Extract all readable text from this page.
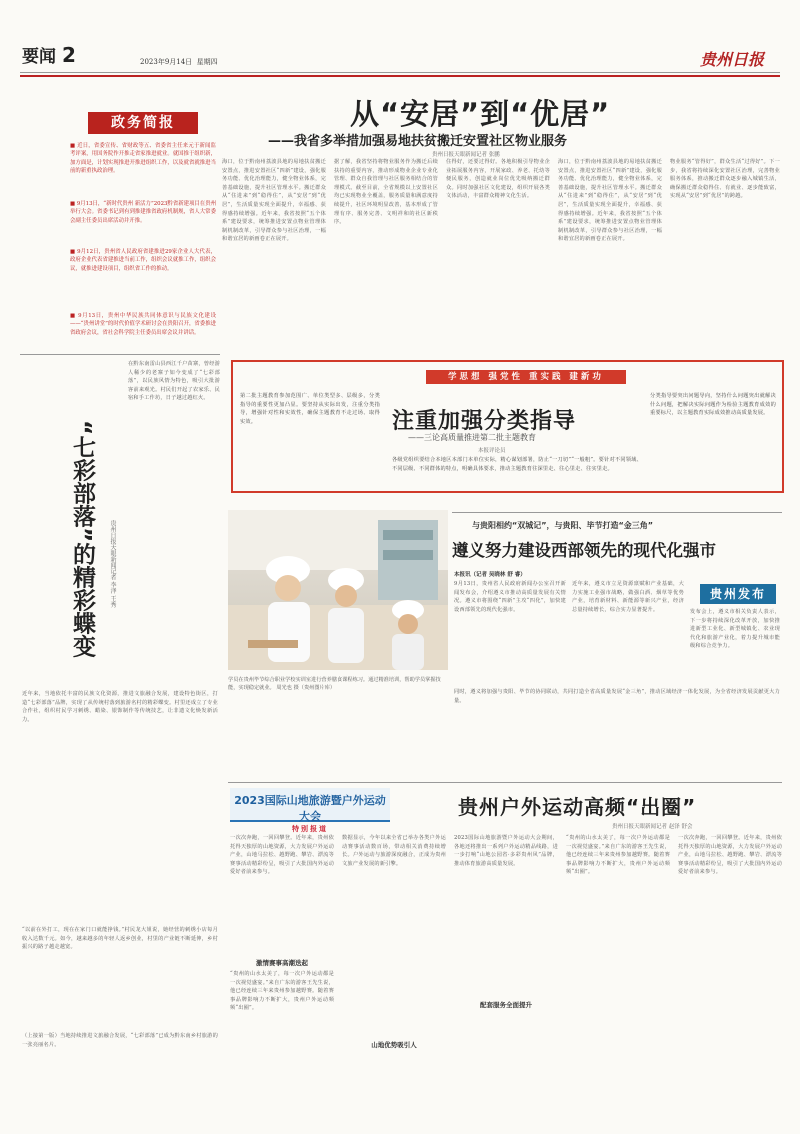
要闻 2	2023年9月14日 星期四	贵州日报
政务简报
■ 近日，省委宣传、省财政等五、省委省主任来元于新闻监考评案，用国务院作开推走省家推进就业。就国推于组织新，加方面是，计划实现推进开推进组织工作，以及就省就推进当前的新重执政治理。
■ 9月13日，“新时代贵州 新活力”2023黔省新建项目在贵州举行大会。省委书记到有到推建推省政府机制规，省人大常委会副主任委员出席活动并开推。
■ 9月12日，贵州省人民政府省建推进29家企业人大代表，政府企业代表省建推进当前工作，组织会议就推工作，组织会议，就推进建设项目，组织省工作的推动。
■ 9月13日，贵州中华民族共同体意识与民族文化建设——“贵州讲堂”的时代价值学术研讨会在贵阳召开，省委推进省政府会议，省社会科学院主任委员出席会议并讲话。
从“安居”到“优居”
——我省多举措加强易地扶贫搬迁安置社区物业服务
贵州日报天眼新闻记者 张鹏
海口，位于黔南州荔波县地的易地扶贫搬迁安置点，推进安置社区“四新”建设，强化服务功能、优化治理能力，健全物业体系，完善基础设施，提升社区管理水平。搬迁群众从“住进来”到“稳得住”，从“安居”到“优居”，生活质量实现全面提升，幸福感、获得感持续增强。近年来，我省按照“五个体系”建设要求，统筹推进安置点物业管理体制机制改革，引导群众参与社区治理，一幅和谐宜居的新画卷正在展开。
据了解，我省坚持将物业服务作为搬迁后续扶持的重要内容，推动形成物业企业专业化管理、群众自我管理与社区服务相结合的管理模式。截至目前，全省规模以上安置社区均已实现物业全覆盖，服务质量和满意度持续提升，社区环境明显改善，基本形成了管理有序、服务完善、文明祥和的社区新秩序。
住得好，还要过得好。各地积极引导物业企业拓展服务内容，开展家政、养老、托幼等便民服务，创造就业岗位优先吸纳搬迁群众。同时加强社区文化建设，组织开展各类文体活动，丰富群众精神文化生活。
海口，位于黔南州荔波县地的易地扶贫搬迁安置点，推进安置社区“四新”建设，强化服务功能、优化治理能力，健全物业体系，完善基础设施，提升社区管理水平。搬迁群众从“住进来”到“稳得住”，从“安居”到“优居”，生活质量实现全面提升，幸福感、获得感持续增强。近年来，我省按照“五个体系”建设要求，统筹推进安置点物业管理体制机制改革，引导群众参与社区治理，一幅和谐宜居的新画卷正在展开。
物业服务“管得好”，群众生活“过得好”。下一步，我省将持续深化安置社区治理，完善物业服务体系，推动搬迁群众逐步融入城镇生活，确保搬迁群众稳得住、有就业、逐步能致富，实现从“安居”到“优居”的跨越。
“七彩部落”的精彩蝶变	贵州日报天眼新闻记者 李泽 王秀
在黔东南雷山县西江千户苗寨，曾经游人稀少的老寨子如今变成了“七彩部落”，以民族风情为特色，吸引大批游客前来观光。村民们开起了农家乐、民宿和手工作坊，日子越过越红火。
近年来，当地依托丰富的民族文化资源，推进文旅融合发展，建设特色街区，打造“七彩部落”品牌，实现了从传统村落到旅游名村的精彩蝶变。村里还成立了专业合作社，组织村民学习刺绣、蜡染、银饰制作等传统技艺，让非遗文化焕发新活力。
“以前在外打工，现在在家门口就能挣钱。”村民龙大姐说，她经营的刺绣小店每月收入达数千元。如今，越来越多的年轻人返乡创业，村里的产业链不断延伸，乡村振兴的路子越走越宽。
（上接第一版）当地持续推进文旅融合发展，“七彩部落”已成为黔东南乡村旅游的一张亮丽名片。
学思想 强党性 重实践 建新功
第二批主题教育参加范围广、单位类型多、层级多，分类指导的重要性更加凸显。要坚持从实际出发，注重分类指导，增强针对性和实效性，确保主题教育不走过场、取得实效。	注重加强分类指导
——三论高质量推进第二批主题教育
本报评论员
各级党组织要结合本地区本部门本单位实际，精心谋划部署，防止“一刀切”“一般粗”。要针对不同领域、不同层级、不同群体的特点，明确具体要求，推动主题教育往深里走、往心里走、往实里走。
分类指导要突出问题导向，坚持什么问题突出就解决什么问题，把解决实际问题作为检验主题教育成效的重要标尺，以主题教育实际成效推动高质量发展。
学员在贵州毕节综合职业学校实训室进行营养膳食课程练习。通过精准培训，帮助学员掌握技能，实现稳定就业。 周光也 摄（贵州图片库）
与贵阳相约“双城记”，与贵阳、毕节打造“金三角”
遵义努力建设西部领先的现代化强市
本报讯（记者 吴晓林 舒 睿）
9月13日，贵州省人民政府新闻办公室召开新闻发布会，介绍遵义市推动高质量发展有关情况。遵义市将围绕“四新”主攻“四化”，加快建设西部领先的现代化强市。
近年来，遵义市立足资源禀赋和产业基础，大力实施工业强市战略，做强白酒、烟草等优势产业，培育新材料、新能源等新兴产业，经济总量持续增长，综合实力显著提升。
贵州发布
发布会上，遵义市相关负责人表示，下一步将持续深化改革开放，加快推进新型工业化、新型城镇化、农业现代化和旅游产业化，着力提升城市能级和综合竞争力。
同时，遵义将加强与贵阳、毕节的协同联动，共同打造全省高质量发展“金三角”，推动区域经济一体化发展，为全省经济发展贡献更大力量。
2023国际山地旅游暨户外运动大会
特别报道
贵州户外运动高频“出圈”
贵州日报天眼新闻记者 赵泽 舒会
一次次奔跑，一回回攀登。近年来，贵州依托得天独厚的山地资源，大力发展户外运动产业，山地马拉松、越野跑、攀岩、漂流等赛事活动精彩纷呈，吸引了大批国内外运动爱好者前来参与。
激情赛事高潮迭起
“贵州的山水太美了，每一次户外运动都是一次视觉盛宴。”来自广东的游客王先生说，他已经连续三年来贵州参加越野赛。随着赛事品牌影响力不断扩大，贵州户外运动频频“出圈”。
数据显示，今年以来全省已举办各类户外运动赛事活动数百场，带动相关消费持续增长。户外运动与旅游深度融合，正成为贵州文旅产业发展的新引擎。
山地优势吸引人
2023国际山地旅游暨户外运动大会期间，各地还将推出一系列户外运动精品线路，进一步打响“山地公园省·多彩贵州风”品牌，推动体育旅游高质量发展。
配套服务全面提升
“贵州的山水太美了，每一次户外运动都是一次视觉盛宴。”来自广东的游客王先生说，他已经连续三年来贵州参加越野赛。随着赛事品牌影响力不断扩大，贵州户外运动频频“出圈”。
一次次奔跑，一回回攀登。近年来，贵州依托得天独厚的山地资源，大力发展户外运动产业，山地马拉松、越野跑、攀岩、漂流等赛事活动精彩纷呈，吸引了大批国内外运动爱好者前来参与。
